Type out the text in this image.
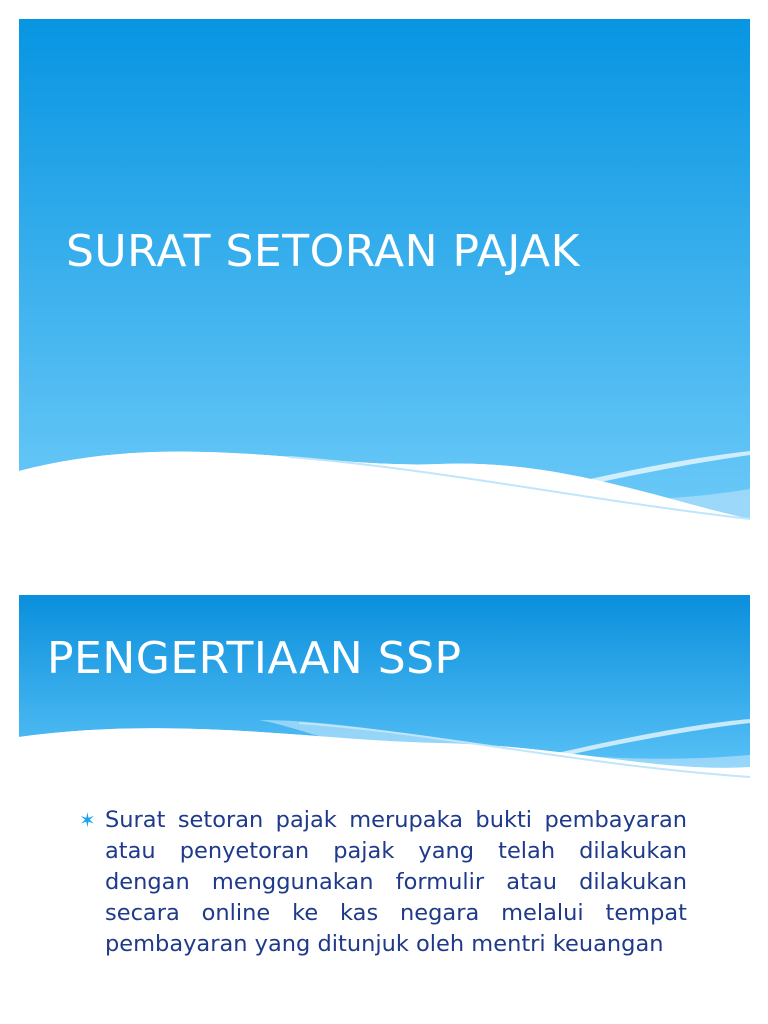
SURAT SETORAN PAJAK
PENGERTIAAN SSP
✶ Surat setoran pajak merupaka bukti pembayaran atau penyetoran pajak yang telah dilakukan dengan menggunakan formulir atau dilakukan secara online ke kas negara melalui tempat pembayaran yang ditunjuk oleh mentri keuangan
